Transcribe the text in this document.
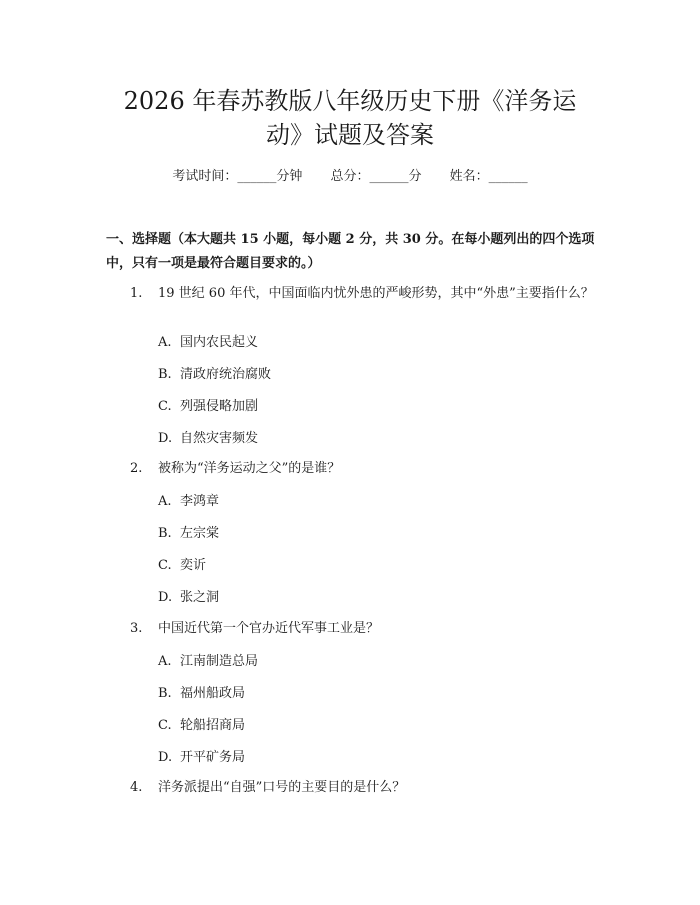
2026 年春苏教版八年级历史下册《洋务运
动》试题及答案
考试时间：______分钟 总分：______分 姓名：______
一、选择题（本大题共 15 小题，每小题 2 分，共 30 分。在每小题列出的四个选项中，只有一项是最符合题目要求的。）
1. 19 世纪 60 年代，中国面临内忧外患的严峻形势，其中“外患”主要指什么？
A. 国内农民起义
B. 清政府统治腐败
C. 列强侵略加剧
D. 自然灾害频发
2. 被称为“洋务运动之父”的是谁？
A. 李鸿章
B. 左宗棠
C. 奕䜣
D. 张之洞
3. 中国近代第一个官办近代军事工业是？
A. 江南制造总局
B. 福州船政局
C. 轮船招商局
D. 开平矿务局
4. 洋务派提出“自强”口号的主要目的是什么？
